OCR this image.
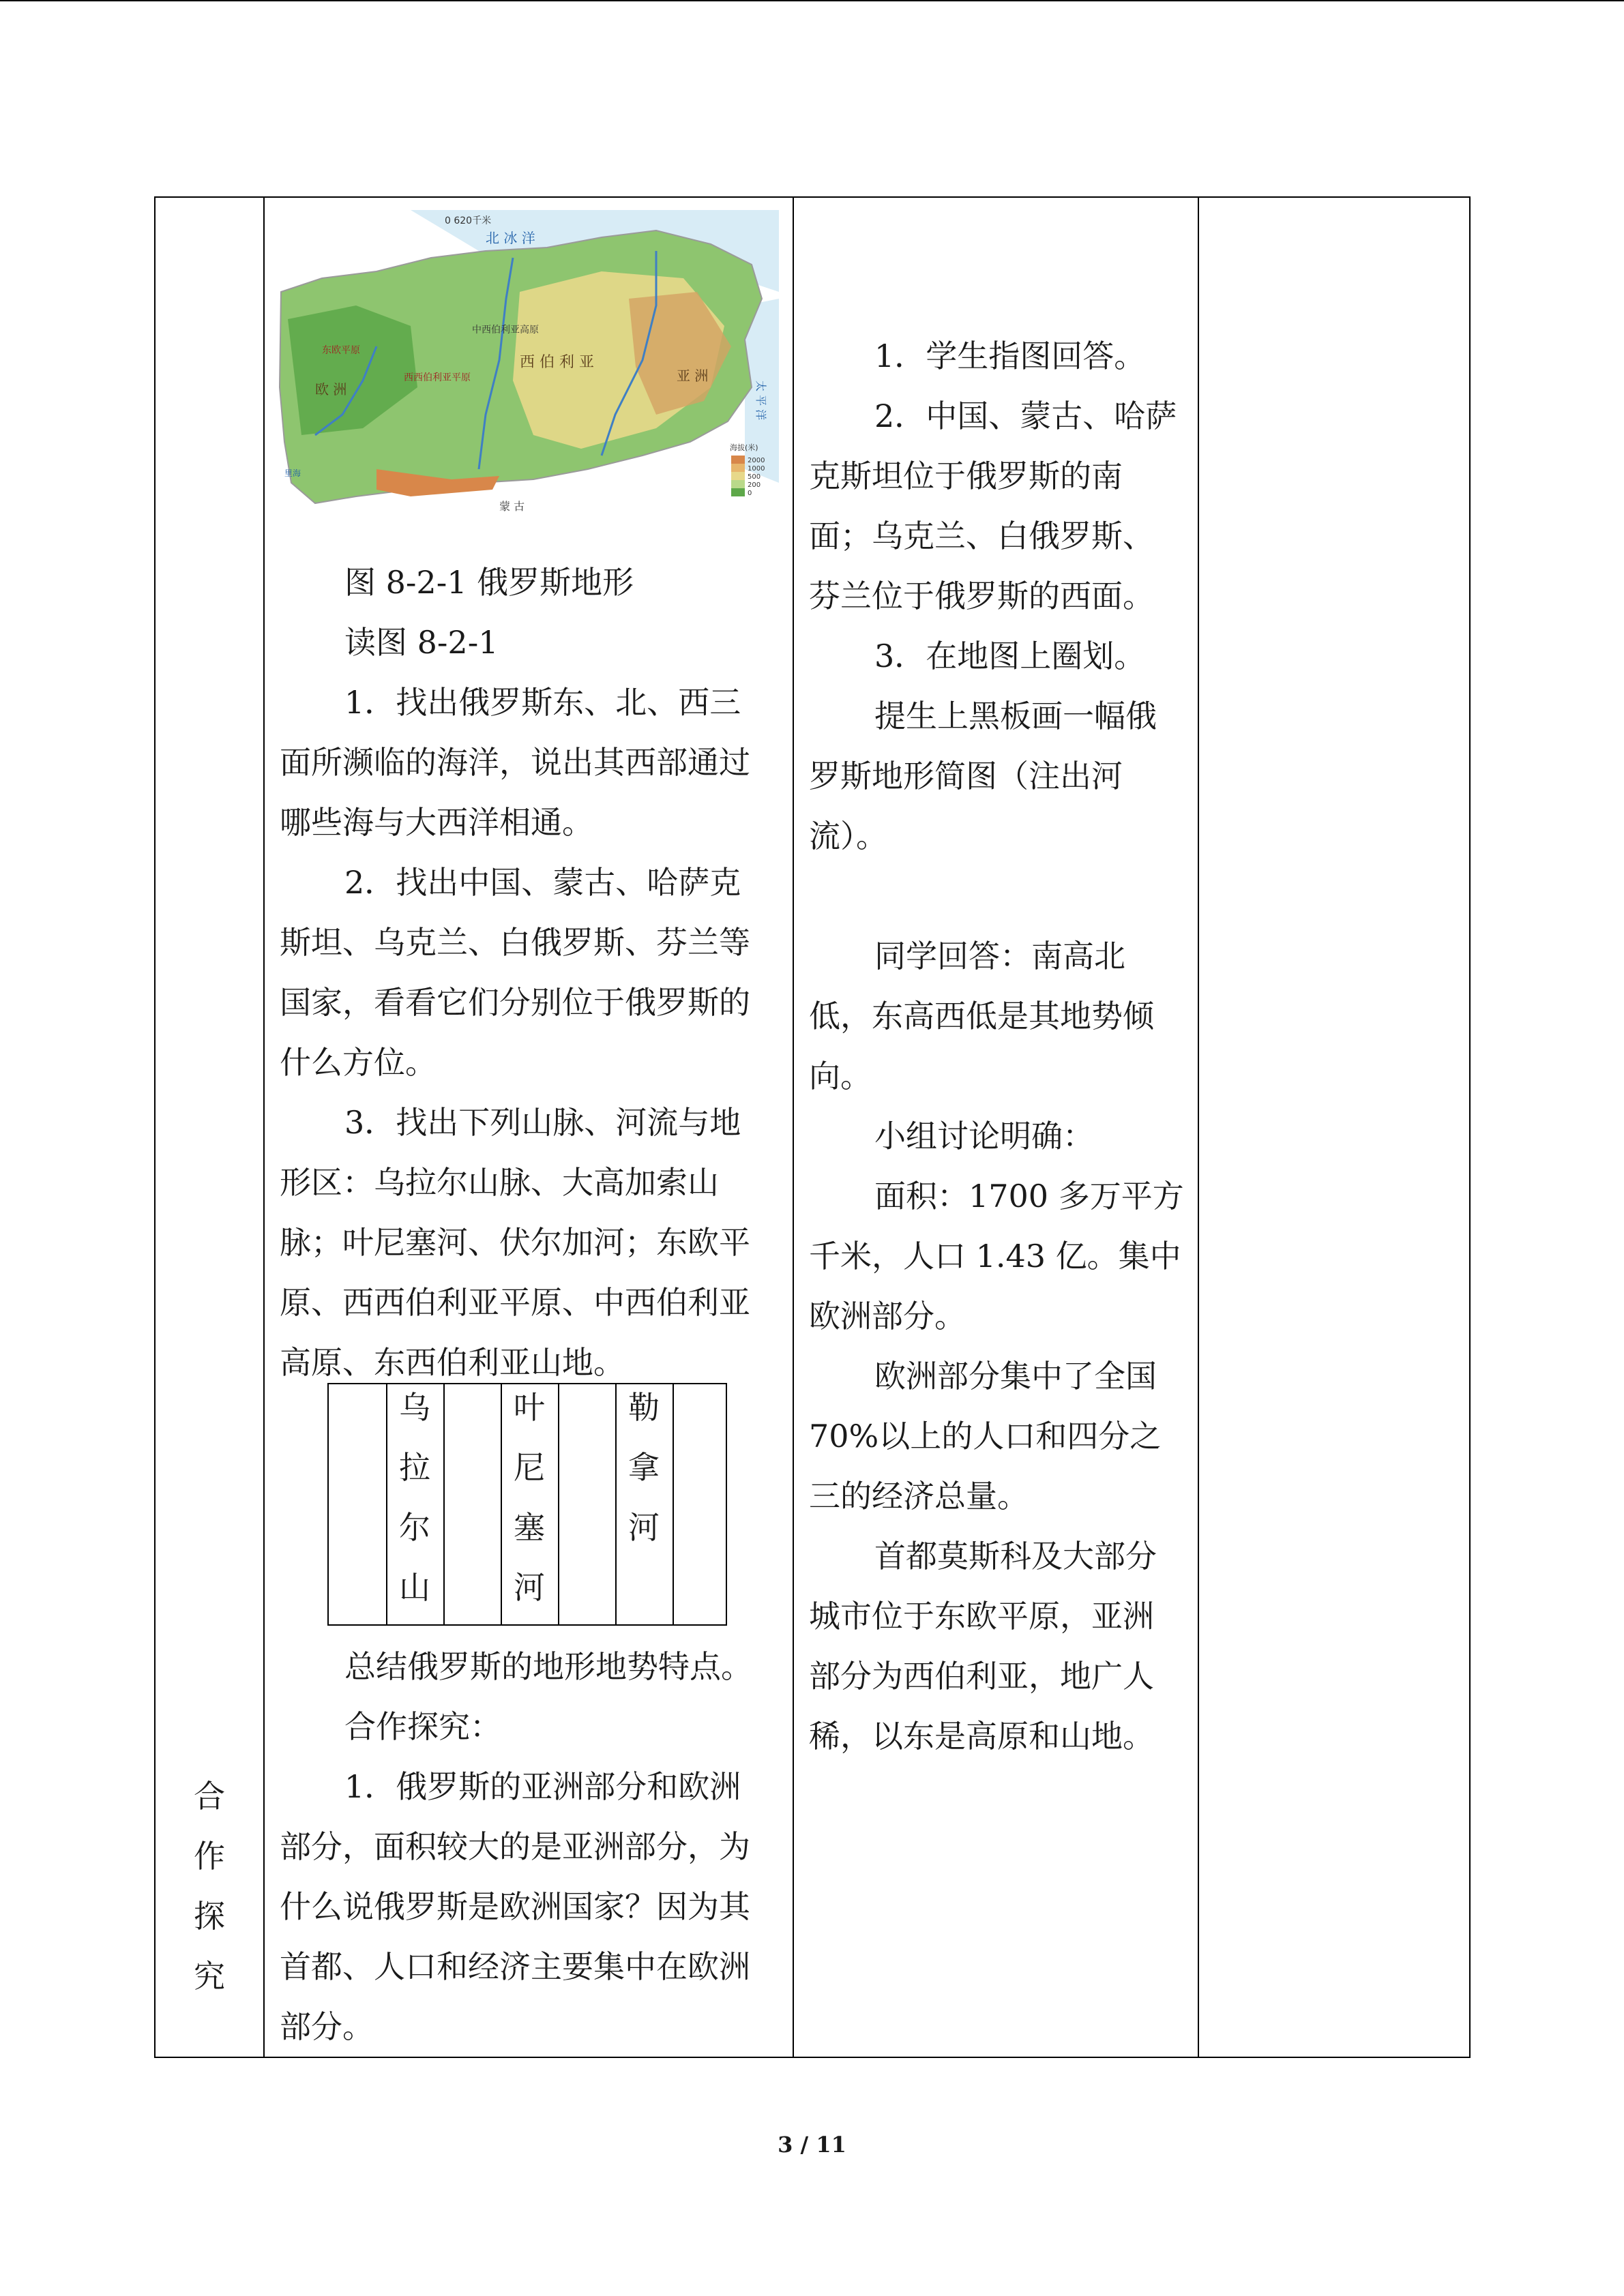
合
作
探
究
0 620千米
北 冰 洋
太 平 洋
东欧平原
西西伯利亚平原
中西伯利亚高原
西 伯 利 亚
亚 洲
欧 洲
蒙 古
里海
海拔(米)
2000
1000
500
200
0

图 8-2-1 俄罗斯地形

读图 8-2-1

1．找出俄罗斯东、北、西三

面所濒临的海洋，说出其西部通过

哪些海与大西洋相通。

2．找出中国、蒙古、哈萨克

斯坦、乌克兰、白俄罗斯、芬兰等

国家，看看它们分别位于俄罗斯的

什么方位。

3．找出下列山脉、河流与地

形区：乌拉尔山脉、大高加索山

脉；叶尼塞河、伏尔加河；东欧平

原、西西伯利亚平原、中西伯利亚

高原、东西伯利亚山地。

乌
拉
尔
山
叶
尼
塞
河
勒
拿
河

总结俄罗斯的地形地势特点。

合作探究：

1．俄罗斯的亚洲部分和欧洲

部分，面积较大的是亚洲部分，为

什么说俄罗斯是欧洲国家？因为其

首都、人口和经济主要集中在欧洲

部分。

1．学生指图回答。

2．中国、蒙古、哈萨

克斯坦位于俄罗斯的南

面；乌克兰、白俄罗斯、

芬兰位于俄罗斯的西面。

3．在地图上圈划。

提生上黑板画一幅俄

罗斯地形简图（注出河

流）。

同学回答：南高北

低，东高西低是其地势倾

向。

小组讨论明确：

面积：1700 多万平方

千米，人口 1.43 亿。集中

欧洲部分。

欧洲部分集中了全国

70%以上的人口和四分之

三的经济总量。

首都莫斯科及大部分

城市位于东欧平原，亚洲

部分为西伯利亚，地广人

稀，以东是高原和山地。

3 / 11
